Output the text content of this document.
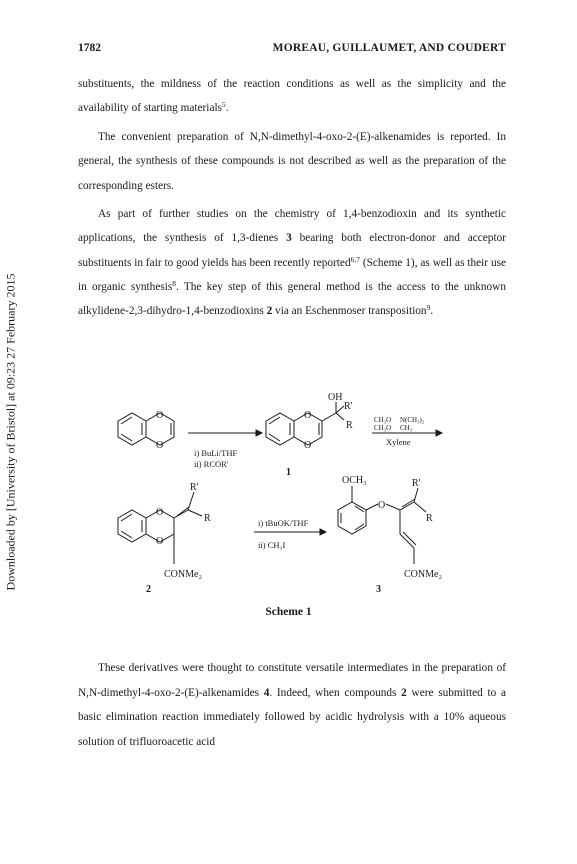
1782	MOREAU, GUILLAUMET, AND COUDERT
Downloaded by [University of Bristol] at 09:23 27 February 2015

substituents, the mildness of the reaction conditions as well as the simplicity and the availability of starting materials$^5$.

The convenient preparation of N,N-dimethyl-4-oxo-2-(E)-alkenamides is reported. In general, the synthesis of these compounds is not described as well as the preparation of the corresponding esters.

As part of further studies on the chemistry of 1,4-benzodioxin and its synthetic applications, the synthesis of 1,3-dienes 3 bearing both electron-donor and acceptor substituents in fair to good yields has been recently reported$^{6,7}$ (Scheme 1), as well as their use in organic synthesis$^8$. The key step of this general method is the access to the unknown alkylidene-2,3-dihydro-1,4-benzodioxins 2 via an Eschenmoser transposition$^9$.

O
O
O
O
OH
R'
R
1
i) BuLi/THF
ii) RCOR'
CH₃O N(CH₃)₂
CH₃O CH₃
Xylene
i) tBuOK/THF
ii) CH₃I
O
O
R'
R
CONMe₂
2
OCH₃
O
R'
R
CONMe₂
3
Scheme 1

These derivatives were thought to constitute versatile intermediates in the preparation of N,N-dimethyl-4-oxo-2-(E)-alkenamides 4. Indeed, when compounds 2 were submitted to a basic elimination reaction immediately followed by acidic hydrolysis with a 10% aqueous solution of trifluoroacetic acid
